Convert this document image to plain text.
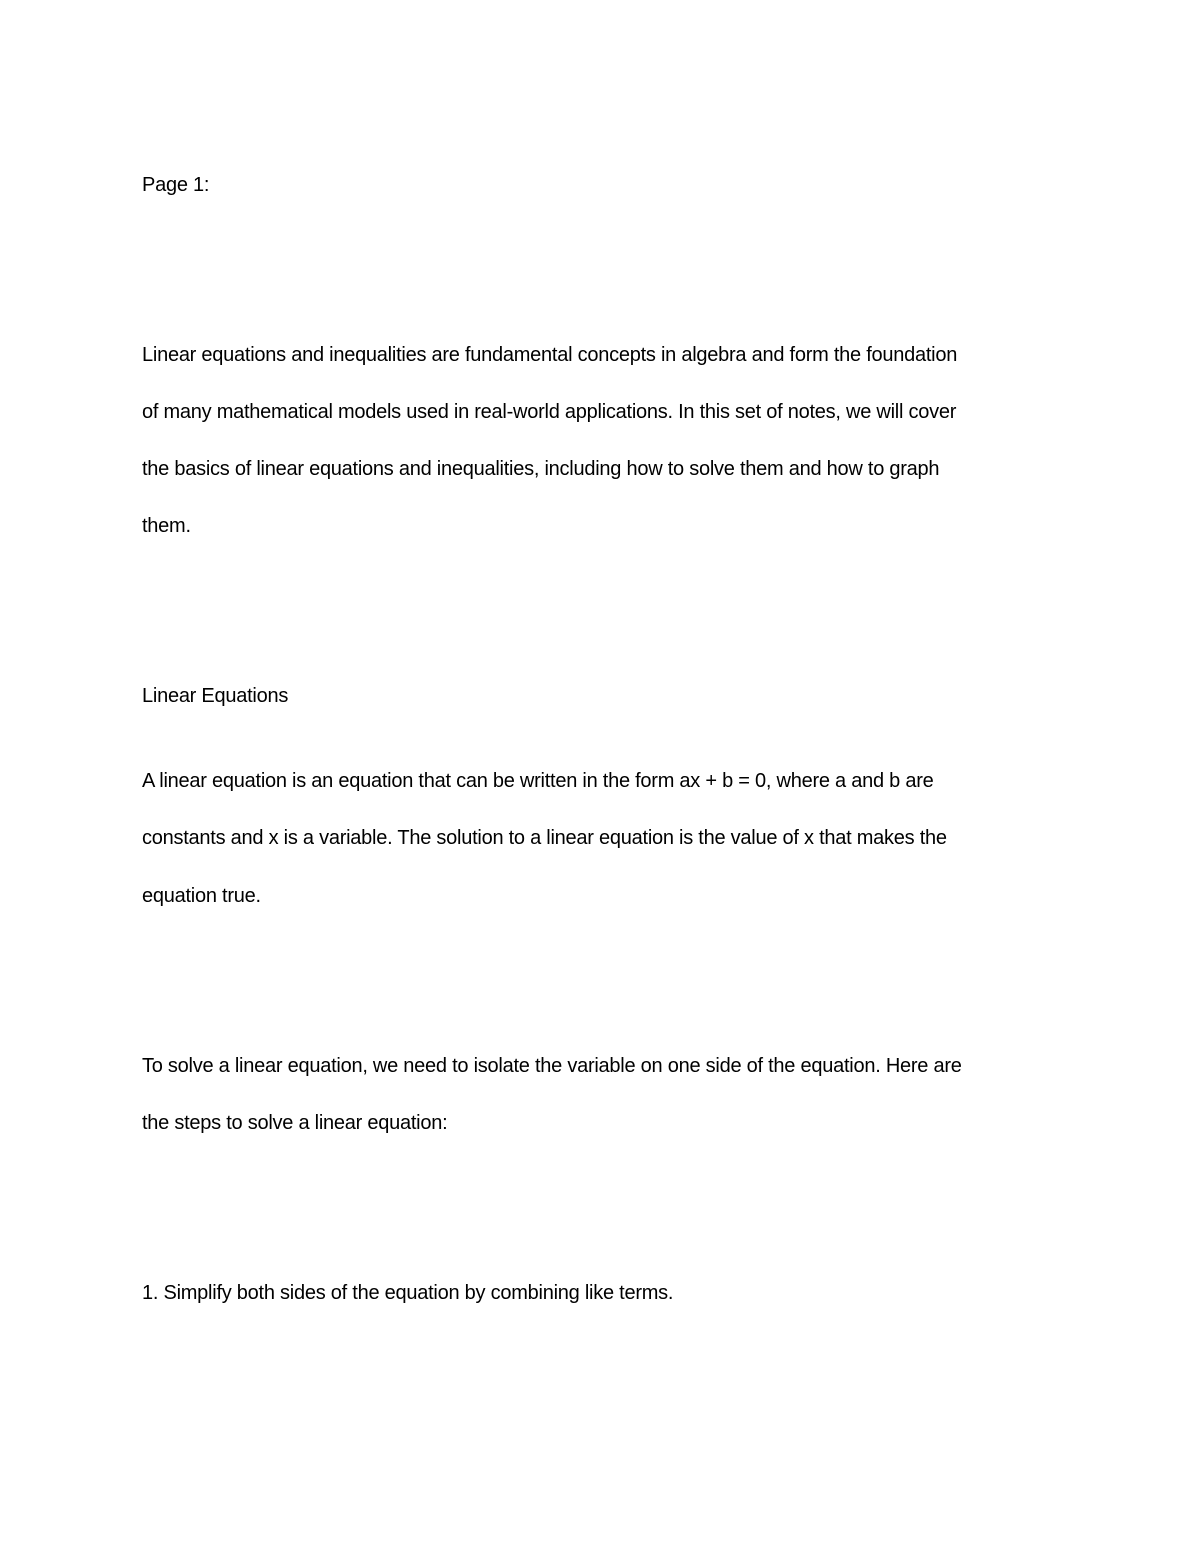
Page 1:
Linear equations and inequalities are fundamental concepts in algebra and form the foundation
of many mathematical models used in real-world applications. In this set of notes, we will cover
the basics of linear equations and inequalities, including how to solve them and how to graph
them.
Linear Equations
A linear equation is an equation that can be written in the form ax + b = 0, where a and b are
constants and x is a variable. The solution to a linear equation is the value of x that makes the
equation true.
To solve a linear equation, we need to isolate the variable on one side of the equation. Here are
the steps to solve a linear equation:
1. Simplify both sides of the equation by combining like terms.
